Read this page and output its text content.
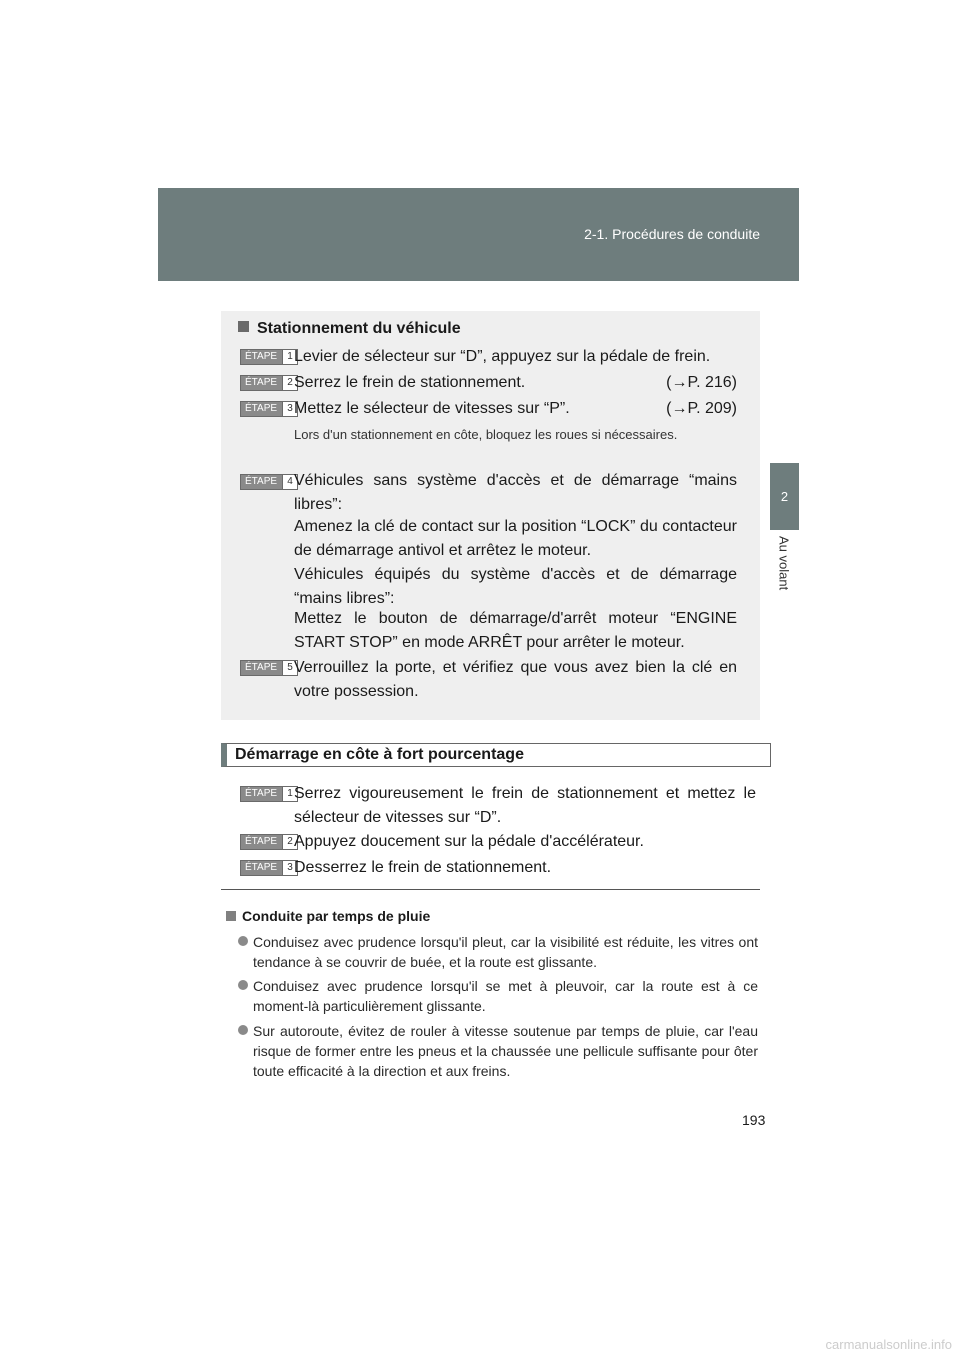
2-1. Procédures de conduite
2
Au volant
Stationnement du véhicule
ÉTAPE	1 Levier de sélecteur sur “D”, appuyez sur la pédale de frein.
ÉTAPE	2 Serrez le frein de stationnement.	(→P. 216)
ÉTAPE	3 Mettez le sélecteur de vitesses sur “P”.	(→P. 209)
Lors d'un stationnement en côte, bloquez les roues si nécessaires.
ÉTAPE	4 Véhicules sans système d'accès et de démarrage “mains libres”:
Amenez la clé de contact sur la position “LOCK” du contacteur de démarrage antivol et arrêtez le moteur.
Véhicules équipés du système d'accès et de démarrage “mains libres”:
Mettez le bouton de démarrage/d'arrêt moteur “ENGINE START STOP” en mode ARRÊT pour arrêter le moteur.
ÉTAPE	5 Verrouillez la porte, et vérifiez que vous avez bien la clé en votre possession.
Démarrage en côte à fort pourcentage
ÉTAPE	1 Serrez vigoureusement le frein de stationnement et mettez le sélecteur de vitesses sur “D”.
ÉTAPE	2 Appuyez doucement sur la pédale d'accélérateur.
ÉTAPE	3 Desserrez le frein de stationnement.
Conduite par temps de pluie
Conduisez avec prudence lorsqu'il pleut, car la visibilité est réduite, les vitres ont tendance à se couvrir de buée, et la route est glissante.
Conduisez avec prudence lorsqu'il se met à pleuvoir, car la route est à ce moment-là particulièrement glissante.
Sur autoroute, évitez de rouler à vitesse soutenue par temps de pluie, car l'eau risque de former entre les pneus et la chaussée une pellicule suffisante pour ôter toute efficacité à la direction et aux freins.
193
carmanualsonline.info
